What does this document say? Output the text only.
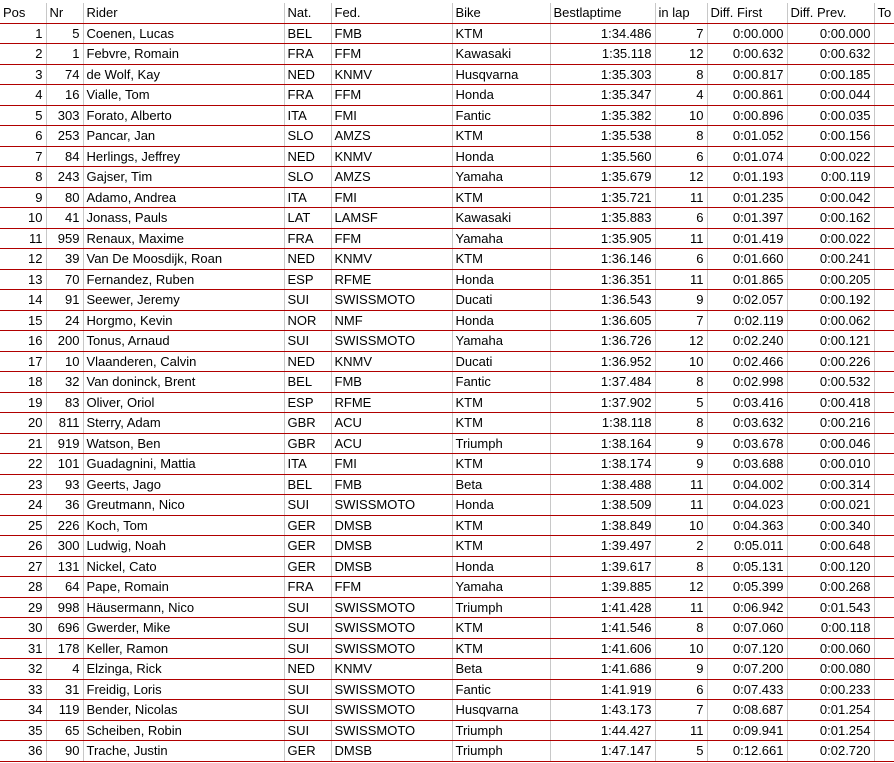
Pos	Nr	Rider	Nat.	Fed.	Bike	Bestlaptime	in lap	Diff. First	Diff. Prev.	To
1	5	Coenen, Lucas	BEL	FMB	KTM	1:34.486	7	0:00.000	0:00.000	
2	1	Febvre, Romain	FRA	FFM	Kawasaki	1:35.118	12	0:00.632	0:00.632	
3	74	de Wolf, Kay	NED	KNMV	Husqvarna	1:35.303	8	0:00.817	0:00.185	
4	16	Vialle, Tom	FRA	FFM	Honda	1:35.347	4	0:00.861	0:00.044	
5	303	Forato, Alberto	ITA	FMI	Fantic	1:35.382	10	0:00.896	0:00.035	
6	253	Pancar, Jan	SLO	AMZS	KTM	1:35.538	8	0:01.052	0:00.156	
7	84	Herlings, Jeffrey	NED	KNMV	Honda	1:35.560	6	0:01.074	0:00.022	
8	243	Gajser, Tim	SLO	AMZS	Yamaha	1:35.679	12	0:01.193	0:00.119	
9	80	Adamo, Andrea	ITA	FMI	KTM	1:35.721	11	0:01.235	0:00.042	
10	41	Jonass, Pauls	LAT	LAMSF	Kawasaki	1:35.883	6	0:01.397	0:00.162	
11	959	Renaux, Maxime	FRA	FFM	Yamaha	1:35.905	11	0:01.419	0:00.022	
12	39	Van De Moosdijk, Roan	NED	KNMV	KTM	1:36.146	6	0:01.660	0:00.241	
13	70	Fernandez, Ruben	ESP	RFME	Honda	1:36.351	11	0:01.865	0:00.205	
14	91	Seewer, Jeremy	SUI	SWISSMOTO	Ducati	1:36.543	9	0:02.057	0:00.192	
15	24	Horgmo, Kevin	NOR	NMF	Honda	1:36.605	7	0:02.119	0:00.062	
16	200	Tonus, Arnaud	SUI	SWISSMOTO	Yamaha	1:36.726	12	0:02.240	0:00.121	
17	10	Vlaanderen, Calvin	NED	KNMV	Ducati	1:36.952	10	0:02.466	0:00.226	
18	32	Van doninck, Brent	BEL	FMB	Fantic	1:37.484	8	0:02.998	0:00.532	
19	83	Oliver, Oriol	ESP	RFME	KTM	1:37.902	5	0:03.416	0:00.418	
20	811	Sterry, Adam	GBR	ACU	KTM	1:38.118	8	0:03.632	0:00.216	
21	919	Watson, Ben	GBR	ACU	Triumph	1:38.164	9	0:03.678	0:00.046	
22	101	Guadagnini, Mattia	ITA	FMI	KTM	1:38.174	9	0:03.688	0:00.010	
23	93	Geerts, Jago	BEL	FMB	Beta	1:38.488	11	0:04.002	0:00.314	
24	36	Greutmann, Nico	SUI	SWISSMOTO	Honda	1:38.509	11	0:04.023	0:00.021	
25	226	Koch, Tom	GER	DMSB	KTM	1:38.849	10	0:04.363	0:00.340	
26	300	Ludwig, Noah	GER	DMSB	KTM	1:39.497	2	0:05.011	0:00.648	
27	131	Nickel, Cato	GER	DMSB	Honda	1:39.617	8	0:05.131	0:00.120	
28	64	Pape, Romain	FRA	FFM	Yamaha	1:39.885	12	0:05.399	0:00.268	
29	998	Häusermann, Nico	SUI	SWISSMOTO	Triumph	1:41.428	11	0:06.942	0:01.543	
30	696	Gwerder, Mike	SUI	SWISSMOTO	KTM	1:41.546	8	0:07.060	0:00.118	
31	178	Keller, Ramon	SUI	SWISSMOTO	KTM	1:41.606	10	0:07.120	0:00.060	
32	4	Elzinga, Rick	NED	KNMV	Beta	1:41.686	9	0:07.200	0:00.080	
33	31	Freidig, Loris	SUI	SWISSMOTO	Fantic	1:41.919	6	0:07.433	0:00.233	
34	119	Bender, Nicolas	SUI	SWISSMOTO	Husqvarna	1:43.173	7	0:08.687	0:01.254	
35	65	Scheiben, Robin	SUI	SWISSMOTO	Triumph	1:44.427	11	0:09.941	0:01.254	
36	90	Trache, Justin	GER	DMSB	Triumph	1:47.147	5	0:12.661	0:02.720	
